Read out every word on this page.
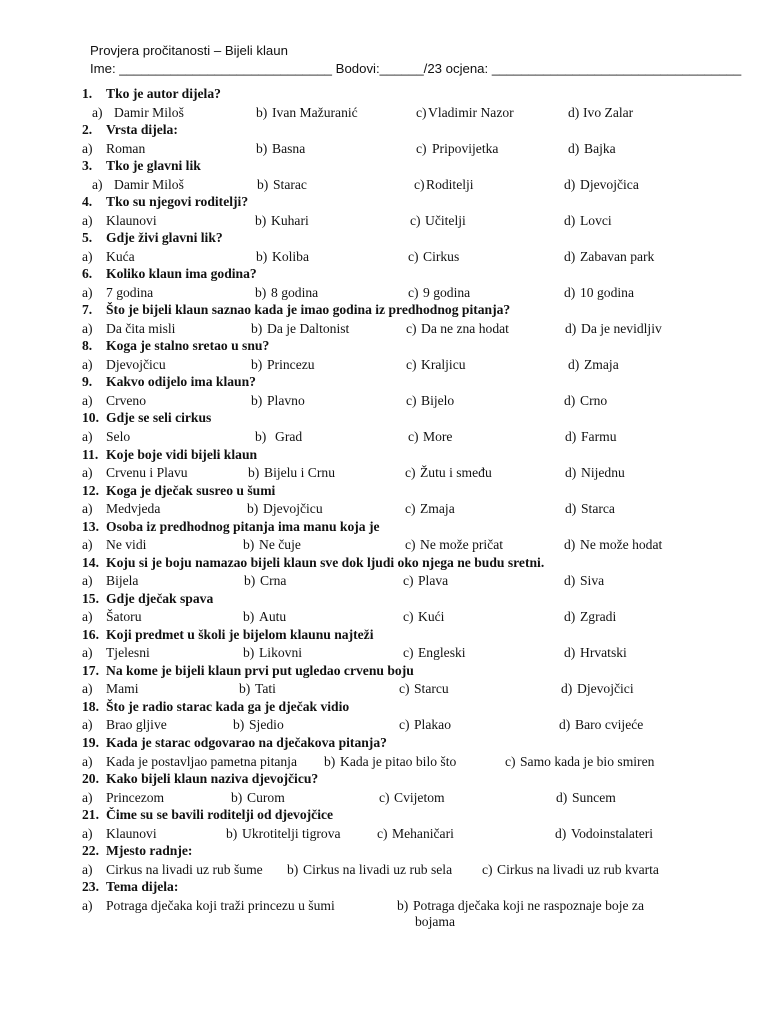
Provjera pročitanosti – Bijeli klaun
Ime: _____________________________ Bodovi:______/23 ocjena: __________________________________
1. Tko je autor dijela?
a) Damir Miloš	b) Ivan Mažuranić	c)Vladimir Nazor	d) Ivo Zalar
2. Vrsta dijela:
a) Roman	b) Basna	c) Pripovijetka	d) Bajka
3. Tko je glavni lik
a) Damir Miloš	b) Starac	c)Roditelji	d) Djevojčica
4. Tko su njegovi roditelji?
a) Klaunovi	b) Kuhari	c) Učitelji	d) Lovci
5. Gdje živi glavni lik?
a) Kuća	b) Koliba	c) Cirkus	d) Zabavan park
6. Koliko klaun ima godina?
a) 7 godina	b) 8 godina	c) 9 godina	d) 10 godina
7. Što je bijeli klaun saznao kada je imao godina iz predhodnog pitanja?
a) Da čita misli	b) Da je Daltonist	c) Da ne zna hodat	d) Da je nevidljiv
8. Koga je stalno sretao u snu?
a) Djevojčicu	b) Princezu	c) Kraljicu	d) Zmaja
9. Kakvo odijelo ima klaun?
a) Crveno	b) Plavno	c) Bijelo	d) Crno
10. Gdje se seli cirkus
a) Selo	b) Grad	c) More	d) Farmu
11. Koje boje vidi bijeli klaun
a) Crvenu i Plavu	b) Bijelu i Crnu	c) Žutu i smeđu	d) Nijednu
12. Koga je dječak susreo u šumi
a) Medvjeda	b) Djevojčicu	c) Zmaja	d) Starca
13. Osoba iz predhodnog pitanja ima manu koja je
a) Ne vidi	b) Ne čuje	c) Ne može pričat	d) Ne može hodat
14. Koju si je boju namazao bijeli klaun sve dok ljudi oko njega ne budu sretni.
a) Bijela	b) Crna	c) Plava	d) Siva
15. Gdje dječak spava
a) Šatoru	b) Autu	c) Kući	d) Zgradi
16. Koji predmet u školi je bijelom klaunu najteži
a) Tjelesni	b) Likovni	c) Engleski	d) Hrvatski
17. Na kome je bijeli klaun prvi put ugledao crvenu boju
a) Mami	b) Tati	c) Starcu	d) Djevojčici
18. Što je radio starac kada ga je dječak vidio
a) Brao gljive	b) Sjedio	c) Plakao	d) Baro cvijeće
19. Kada je starac odgovarao na dječakova pitanja?
a) Kada je postavljao pametna pitanja b) Kada je pitao bilo što	c) Samo kada je bio smiren
20. Kako bijeli klaun naziva djevojčicu?
a) Princezom	b) Curom	c) Cvijetom	d) Suncem
21. Čime su se bavili roditelji od djevojčice
a) Klaunovi	b) Ukrotitelji tigrova	c) Mehaničari	d) Vodoinstalateri
22. Mjesto radnje:
a) Cirkus na livadi uz rub šume b) Cirkus na livadi uz rub sela c) Cirkus na livadi uz rub kvarta
23. Tema dijela:
a) Potraga dječaka koji traži princezu u šumi	b) Potraga dječaka koji ne raspoznaje boje za
bojama
